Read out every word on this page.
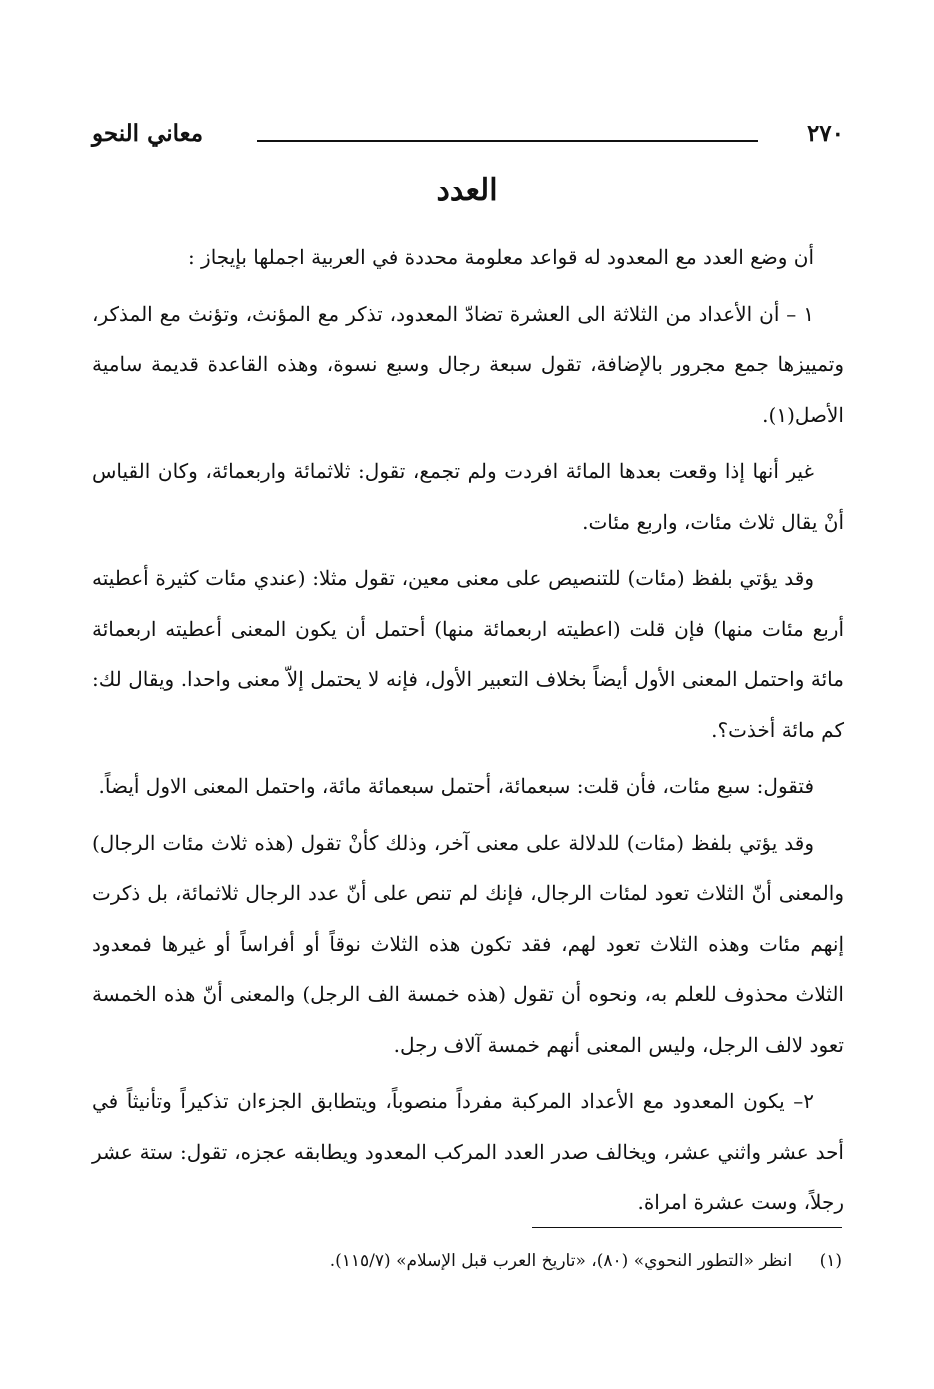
٢٧٠
معاني النحو
العدد

أن وضع العدد مع المعدود له قواعد معلومة محددة في العربية اجملها بإيجاز :

١ – أن الأعداد من الثلاثة الى العشرة تضادّ المعدود، تذكر مع المؤنث، وتؤنث مع المذكر، وتمييزها جمع مجرور بالإضافة، تقول سبعة رجال وسبع نسوة، وهذه القاعدة قديمة سامية الأصل(١).

غير أنها إذا وقعت بعدها المائة افردت ولم تجمع، تقول: ثلاثمائة واربعمائة، وكان القياس أنْ يقال ثلاث مئات، واربع مئات.

وقد يؤتي بلفظ (مئات) للتنصيص على معنى معين، تقول مثلا: (عندي مئات كثيرة أعطيته أربع مئات منها) فإن قلت (اعطيته اربعمائة منها) أحتمل أن يكون المعنى أعطيته اربعمائة مائة واحتمل المعنى الأول أيضاً بخلاف التعبير الأول، فإنه لا يحتمل إلاّ معنى واحدا. ويقال لك: كم مائة أخذت؟.

فتقول: سبع مئات، فأن قلت: سبعمائة، أحتمل سبعمائة مائة، واحتمل المعنى الاول أيضاً.

وقد يؤتي بلفظ (مئات) للدلالة على معنى آخر، وذلك كأنْ تقول (هذه ثلاث مئات الرجال) والمعنى أنّ الثلاث تعود لمئات الرجال، فإنك لم تنص على أنّ عدد الرجال ثلاثمائة، بل ذكرت إنهم مئات وهذه الثلاث تعود لهم، فقد تكون هذه الثلاث نوقاً أو أفراساً أو غيرها فمعدود الثلاث محذوف للعلم به، ونحوه أن تقول (هذه خمسة الف الرجل) والمعنى أنّ هذه الخمسة تعود لالف الرجل، وليس المعنى أنهم خمسة آلاف رجل.

٢– يكون المعدود مع الأعداد المركبة مفرداً منصوباً، ويتطابق الجزءان تذكيراً وتأنيثاً في أحد عشر واثني عشر، ويخالف صدر العدد المركب المعدود ويطابقه عجزه، تقول: ستة عشر رجلاً، وست عشرة امراة.

(١) انظر «التطور النحوي» (٨٠)، «تاريخ العرب قبل الإسلام» (١١٥/٧).
